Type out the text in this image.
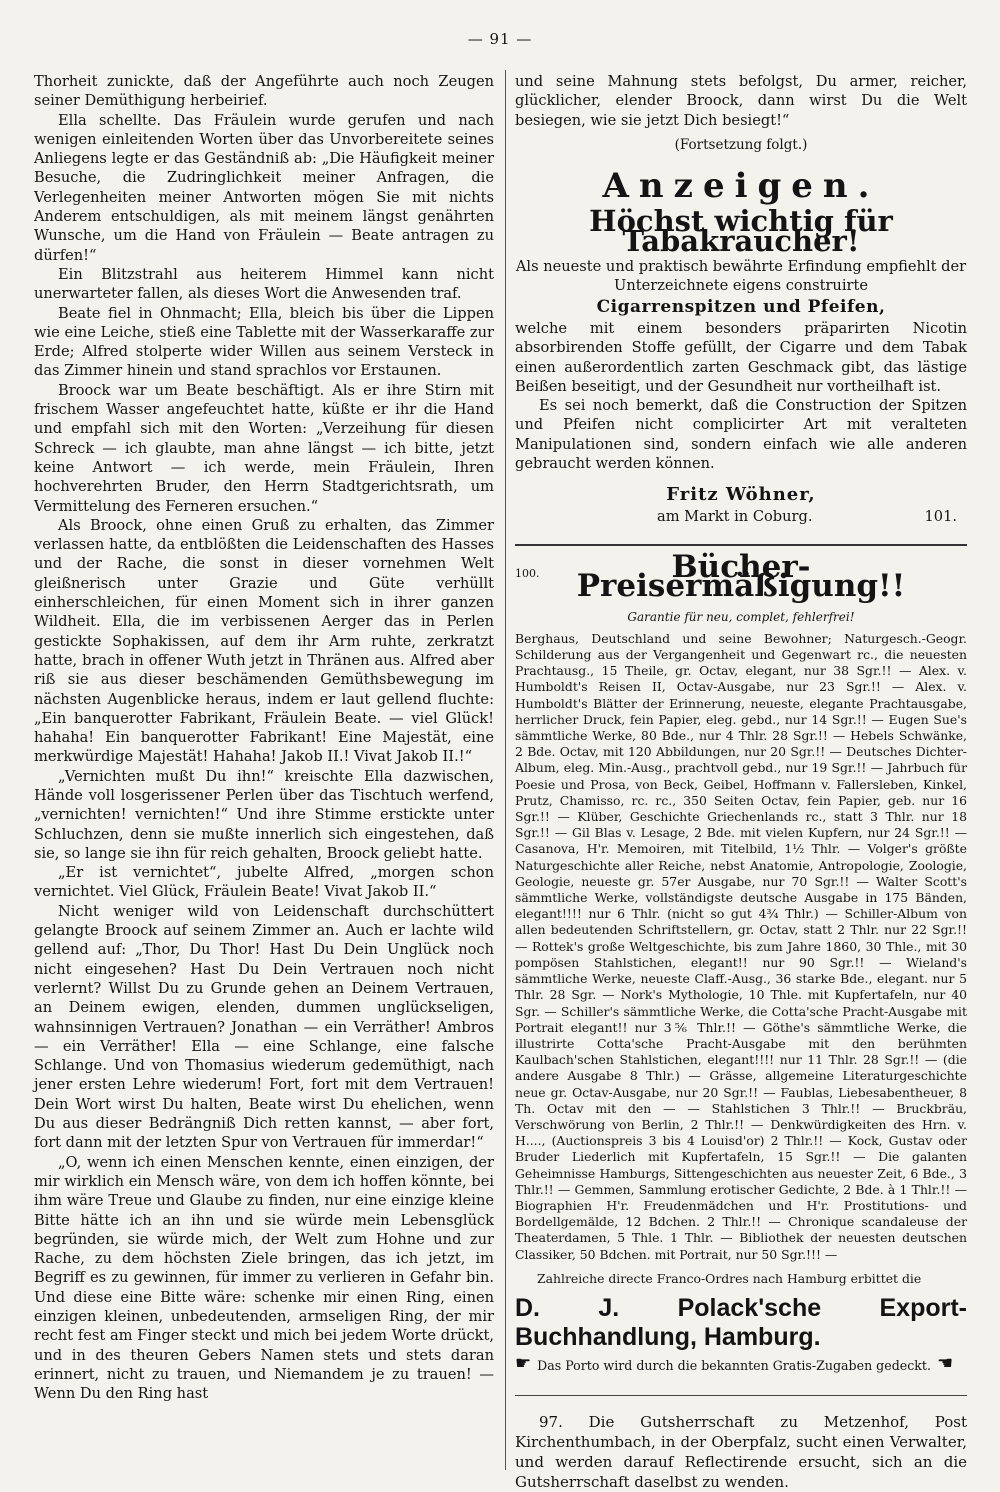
— 91 —

Thorheit zunickte, daß der Angeführte auch noch Zeugen seiner Demüthigung herbeirief.

Ella schellte. Das Fräulein wurde gerufen und nach wenigen einleitenden Worten über das Unvorbereitete seines Anliegens legte er das Geständniß ab: „Die Häufigkeit meiner Besuche, die Zudringlichkeit meiner Anfragen, die Verlegenheiten meiner Antworten mögen Sie mit nichts Anderem entschuldigen, als mit meinem längst genährten Wunsche, um die Hand von Fräulein — Beate antragen zu dürfen!“

Ein Blitzstrahl aus heiterem Himmel kann nicht unerwarteter fallen, als dieses Wort die Anwesenden traf.

Beate fiel in Ohnmacht; Ella, bleich bis über die Lippen wie eine Leiche, stieß eine Tablette mit der Wasserkaraffe zur Erde; Alfred stolperte wider Willen aus seinem Versteck in das Zimmer hinein und stand sprachlos vor Erstaunen.

Broock war um Beate beschäftigt. Als er ihre Stirn mit frischem Wasser angefeuchtet hatte, küßte er ihr die Hand und empfahl sich mit den Worten: „Verzeihung für diesen Schreck — ich glaubte, man ahne längst — ich bitte, jetzt keine Antwort — ich werde, mein Fräulein, Ihren hochverehrten Bruder, den Herrn Stadtgerichtsrath, um Vermittelung des Ferneren ersuchen.“

Als Broock, ohne einen Gruß zu erhalten, das Zimmer verlassen hatte, da entblößten die Leidenschaften des Hasses und der Rache, die sonst in dieser vornehmen Welt gleißnerisch unter Grazie und Güte verhüllt einherschleichen, für einen Moment sich in ihrer ganzen Wildheit. Ella, die im verbissenen Aerger das in Perlen gestickte Sophakissen, auf dem ihr Arm ruhte, zerkratzt hatte, brach in offener Wuth jetzt in Thränen aus. Alfred aber riß sie aus dieser beschämenden Gemüthsbewegung im nächsten Augenblicke heraus, indem er laut gellend fluchte: „Ein banquerotter Fabrikant, Fräulein Beate. — viel Glück! hahaha! Ein banquerotter Fabrikant! Eine Majestät, eine merkwürdige Majestät! Hahaha! Jakob II.! Vivat Jakob II.!“

„Vernichten mußt Du ihn!“ kreischte Ella dazwischen, Hände voll losgerissener Perlen über das Tischtuch werfend, „vernichten! vernichten!“ Und ihre Stimme erstickte unter Schluchzen, denn sie mußte innerlich sich eingestehen, daß sie, so lange sie ihn für reich gehalten, Broock geliebt hatte.

„Er ist vernichtet“, jubelte Alfred, „morgen schon vernichtet. Viel Glück, Fräulein Beate! Vivat Jakob II.“

Nicht weniger wild von Leidenschaft durchschüttert gelangte Broock auf seinem Zimmer an. Auch er lachte wild gellend auf: „Thor, Du Thor! Hast Du Dein Unglück noch nicht eingesehen? Hast Du Dein Vertrauen noch nicht verlernt? Willst Du zu Grunde gehen an Deinem Vertrauen, an Deinem ewigen, elenden, dummen unglückseligen, wahnsinnigen Vertrauen? Jonathan — ein Verräther! Ambros — ein Verräther! Ella — eine Schlange, eine falsche Schlange. Und von Thomasius wiederum gedemüthigt, nach jener ersten Lehre wiederum! Fort, fort mit dem Vertrauen! Dein Wort wirst Du halten, Beate wirst Du ehelichen, wenn Du aus dieser Bedrängniß Dich retten kannst, — aber fort, fort dann mit der letzten Spur von Vertrauen für immerdar!“

„O, wenn ich einen Menschen kennte, einen einzigen, der mir wirklich ein Mensch wäre, von dem ich hoffen könnte, bei ihm wäre Treue und Glaube zu finden, nur eine einzige kleine Bitte hätte ich an ihn und sie würde mein Lebensglück begründen, sie würde mich, der Welt zum Hohne und zur Rache, zu dem höchsten Ziele bringen, das ich jetzt, im Begriff es zu gewinnen, für immer zu verlieren in Gefahr bin. Und diese eine Bitte wäre: schenke mir einen Ring, einen einzigen kleinen, unbedeutenden, armseligen Ring, der mir recht fest am Finger steckt und mich bei jedem Worte drückt, und in des theuren Gebers Namen stets und stets daran erinnert, nicht zu trauen, und Niemandem je zu trauen! — Wenn Du den Ring hast

und seine Mahnung stets befolgst, Du armer, reicher, glücklicher, elender Broock, dann wirst Du die Welt besiegen, wie sie jetzt Dich besiegt!“

(Fortsetzung folgt.)

Anzeigen.
Höchst wichtig für Tabakraucher!

Als neueste und praktisch bewährte Erfindung empfiehlt der Unterzeichnete eigens construirte

Cigarrenspitzen und Pfeifen,

welche mit einem besonders präparirten Nicotin absorbirenden Stoffe gefüllt, der Cigarre und dem Tabak einen außerordentlich zarten Geschmack gibt, das lästige Beißen beseitigt, und der Gesundheit nur vortheilhaft ist.

Es sei noch bemerkt, daß die Construction der Spitzen und Pfeifen nicht complicirter Art mit veralteten Manipulationen sind, sondern einfach wie alle anderen gebraucht werden können.

Fritz Wöhner,
am Markt in Coburg.	101.
100.	Bücher-Preisermäßigung!!
Garantie für neu, complet, fehlerfrei!

Berghaus, Deutschland und seine Bewohner; Naturgesch.-Geogr. Schilderung aus der Vergangenheit und Gegenwart rc., die neuesten Prachtausg., 15 Theile, gr. Octav, elegant, nur 38 Sgr.!! — Alex. v. Humboldt's Reisen II, Octav-Ausgabe, nur 23 Sgr.!! — Alex. v. Humboldt's Blätter der Erinnerung, neueste, elegante Prachtausgabe, herrlicher Druck, fein Papier, eleg. gebd., nur 14 Sgr.!! — Eugen Sue's sämmtliche Werke, 80 Bde., nur 4 Thlr. 28 Sgr.!! — Hebels Schwänke, 2 Bde. Octav, mit 120 Abbildungen, nur 20 Sgr.!! — Deutsches Dichter-Album, eleg. Min.-Ausg., prachtvoll gebd., nur 19 Sgr.!! — Jahrbuch für Poesie und Prosa, von Beck, Geibel, Hoffmann v. Fallersleben, Kinkel, Prutz, Chamisso, rc. rc., 350 Seiten Octav, fein Papier, geb. nur 16 Sgr.!! — Klüber, Geschichte Griechenlands rc., statt 3 Thlr. nur 18 Sgr.!! — Gil Blas v. Lesage, 2 Bde. mit vielen Kupfern, nur 24 Sgr.!! — Casanova, H'r. Memoiren, mit Titelbild, 1½ Thlr. — Volger's größte Naturgeschichte aller Reiche, nebst Anatomie, Antropologie, Zoologie, Geologie, neueste gr. 57er Ausgabe, nur 70 Sgr.!! — Walter Scott's sämmtliche Werke, vollständigste deutsche Ausgabe in 175 Bänden, elegant!!!! nur 6 Thlr. (nicht so gut 4¾ Thlr.) — Schiller-Album von allen bedeutenden Schriftstellern, gr. Octav, statt 2 Thlr. nur 22 Sgr.!! — Rottek's große Weltgeschichte, bis zum Jahre 1860, 30 Thle., mit 30 pompösen Stahlstichen, elegant!! nur 90 Sgr.!! — Wieland's sämmtliche Werke, neueste Claff.-Ausg., 36 starke Bde., elegant. nur 5 Thlr. 28 Sgr. — Nork's Mythologie, 10 Thle. mit Kupfertafeln, nur 40 Sgr. — Schiller's sämmtliche Werke, die Cotta'sche Pracht-Ausgabe mit Portrait elegant!! nur 3⅚ Thlr.!! — Göthe's sämmtliche Werke, die illustrirte Cotta'sche Pracht-Ausgabe mit den berühmten Kaulbach'schen Stahlstichen, elegant!!!! nur 11 Thlr. 28 Sgr.!! — (die andere Ausgabe 8 Thlr.) — Grässe, allgemeine Literaturgeschichte neue gr. Octav-Ausgabe, nur 20 Sgr.!! — Faublas, Liebesabentheuer, 8 Th. Octav mit den — — Stahlstichen 3 Thlr.!! — Bruckbräu, Verschwörung von Berlin, 2 Thlr.!! — Denkwürdigkeiten des Hrn. v. H...., (Auctionspreis 3 bis 4 Louisd'or) 2 Thlr.!! — Kock, Gustav oder Bruder Liederlich mit Kupfertafeln, 15 Sgr.!! — Die galanten Geheimnisse Hamburgs, Sittengeschichten aus neuester Zeit, 6 Bde., 3 Thlr.!! — Gemmen, Sammlung erotischer Gedichte, 2 Bde. à 1 Thlr.!! — Biographien H'r. Freudenmädchen und H'r. Prostitutions- und Bordellgemälde, 12 Bdchen. 2 Thlr.!! — Chronique scandaleuse der Theaterdamen, 5 Thle. 1 Thlr. — Bibliothek der neuesten deutschen Classiker, 50 Bdchen. mit Portrait, nur 50 Sgr.!!! —

Zahlreiche directe Franco-Ordres nach Hamburg erbittet die

D. J. Polack'sche Export-Buchhandlung, Hamburg.
☛ Das Porto wird durch die bekannten Gratis-Zugaben gedeckt. ☚

97. Die Gutsherrschaft zu Metzenhof, Post Kirchenthumbach, in der Oberpfalz, sucht einen Verwalter, und werden darauf Reflectirende ersucht, sich an die Gutsherrschaft daselbst zu wenden.
